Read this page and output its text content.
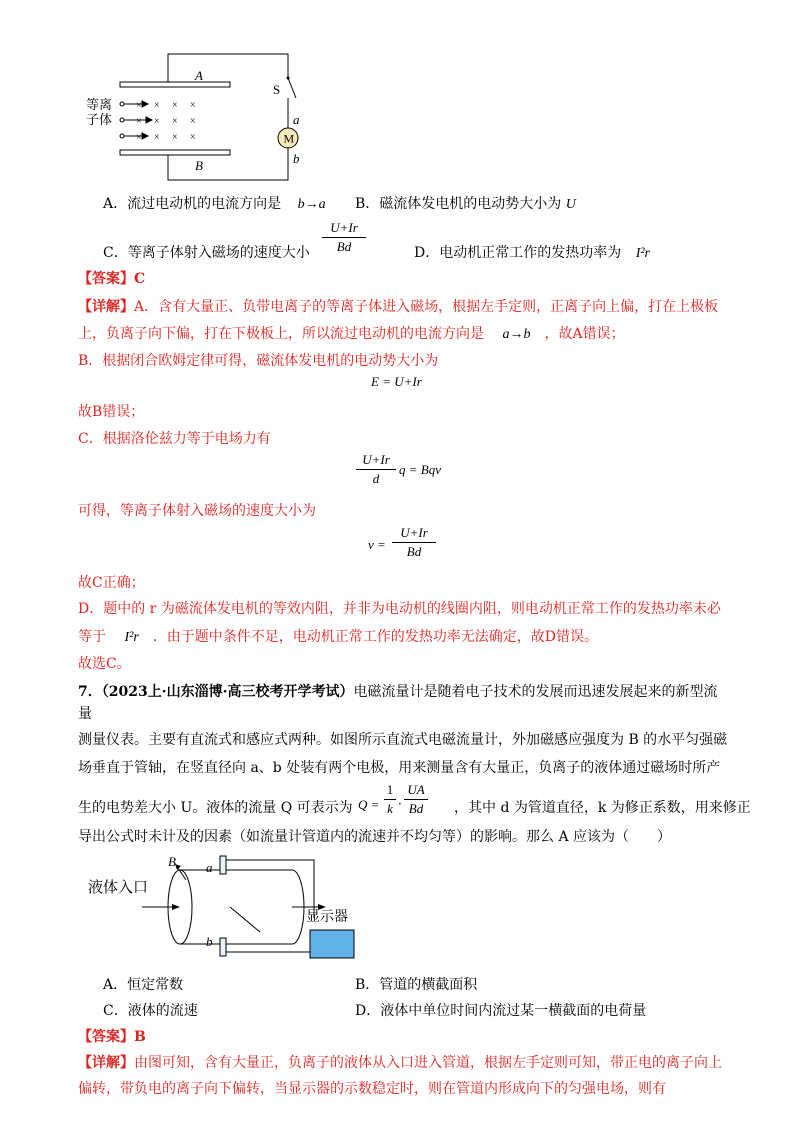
M
A
B
S
a
b
× × × ×
× × × ×
× × × ×
等离
子体
A．流过电动机的电流方向是 b→a B．磁流体发电机的电动势大小为 U
C．等离子体射入磁场的速度大小
U+Ir
Bd	D．电动机正常工作的发热功率为 I²r
【答案】C
【详解】A．含有大量正、负带电离子的等离子体进入磁场，根据左手定则，正离子向上偏，打在上极板
上，负离子向下偏，打在下极板上，所以流过电动机的电流方向是 a→b ，故A错误；
B．根据闭合欧姆定律可得，磁流体发电机的电动势大小为
E = U+Ir
故B错误；
C．根据洛伦兹力等于电场力有
U+Ir
d
q = Bqv
可得，等离子体射入磁场的速度大小为
v =
U+Ir
Bd
故C正确；
D．题中的 r 为磁流体发电机的等效内阻，并非为电动机的线圈内阻，则电动机正常工作的发热功率未必
等于 I²r ．由于题中条件不足，电动机正常工作的发热功率无法确定，故D错误。
故选C。
7．（2023上·山东淄博·高三校考开学考试）电磁流量计是随着电子技术的发展而迅速发展起来的新型流
量
测量仪表。主要有直流式和感应式两种。如图所示直流式电磁流量计，外加磁感应强度为 B 的水平匀强磁
场垂直于管轴，在竖直径向 a、b 处装有两个电极，用来测量含有大量正，负离子的液体通过磁场时所产
生的电势差大小 U。液体的流量 Q 可表示为 Q =
1
k ·
UA
Bd	，其中 d 为管道直径，k 为修正系数，用来修正
导出公式时未计及的因素（如流量计管道内的流速并不均匀等）的影响。那么 A 应该为（　　）
B a
b
液体入口
显示器
A．恒定常数	B．管道的横截面积
C．液体的流速	D．液体中单位时间内流过某一横截面的电荷量
【答案】B
【详解】由图可知，含有大量正，负离子的液体从入口进入管道，根据左手定则可知，带正电的离子向上
偏转，带负电的离子向下偏转，当显示器的示数稳定时，则在管道内形成向下的匀强电场，则有
